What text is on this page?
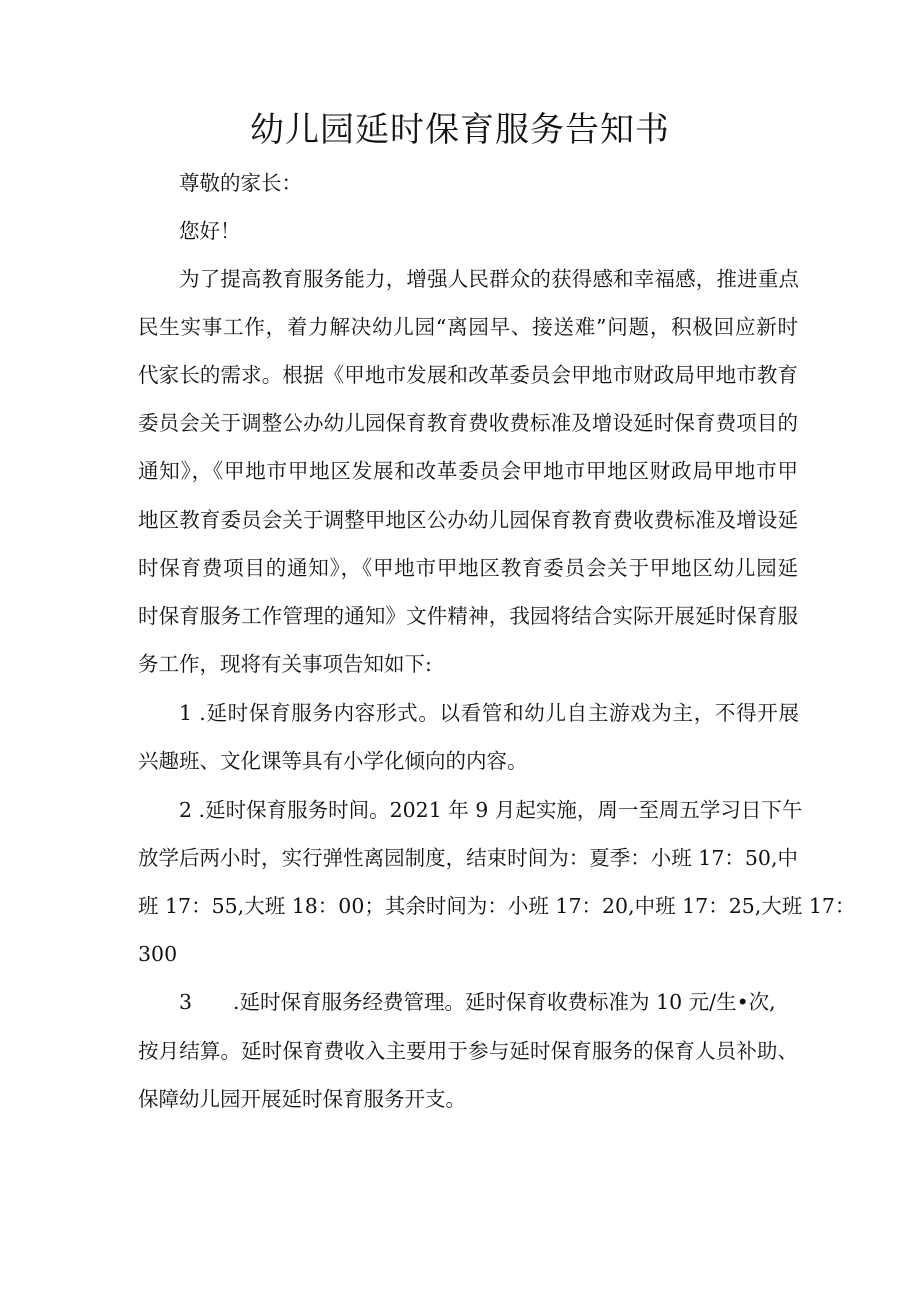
幼儿园延时保育服务告知书

尊敬的家长：

您好！

为了提高教育服务能力，增强人民群众的获得感和幸福感，推进重点

民生实事工作，着力解决幼儿园“离园早、接送难”问题，积极回应新时

代家长的需求。根据《甲地市发展和改革委员会甲地市财政局甲地市教育

委员会关于调整公办幼儿园保育教育费收费标准及增设延时保育费项目的

通知》，《甲地市甲地区发展和改革委员会甲地市甲地区财政局甲地市甲

地区教育委员会关于调整甲地区公办幼儿园保育教育费收费标准及增设延

时保育费项目的通知》，《甲地市甲地区教育委员会关于甲地区幼儿园延

时保育服务工作管理的通知》文件精神，我园将结合实际开展延时保育服

务工作，现将有关事项告知如下:

1 .延时保育服务内容形式。以看管和幼儿自主游戏为主，不得开展

兴趣班、文化课等具有小学化倾向的内容。

2 .延时保育服务时间。2021 年 9 月起实施，周一至周五学习日下午

放学后两小时，实行弹性离园制度，结束时间为：夏季：小班 17：50,中

班 17：55,大班 18：00；其余时间为：小班 17：20,中班 17：25,大班 17：

300

3　　.延时保育服务经费管理。延时保育收费标准为 10 元/生•次,

按月结算。延时保育费收入主要用于参与延时保育服务的保育人员补助、

保障幼儿园开展延时保育服务开支。
